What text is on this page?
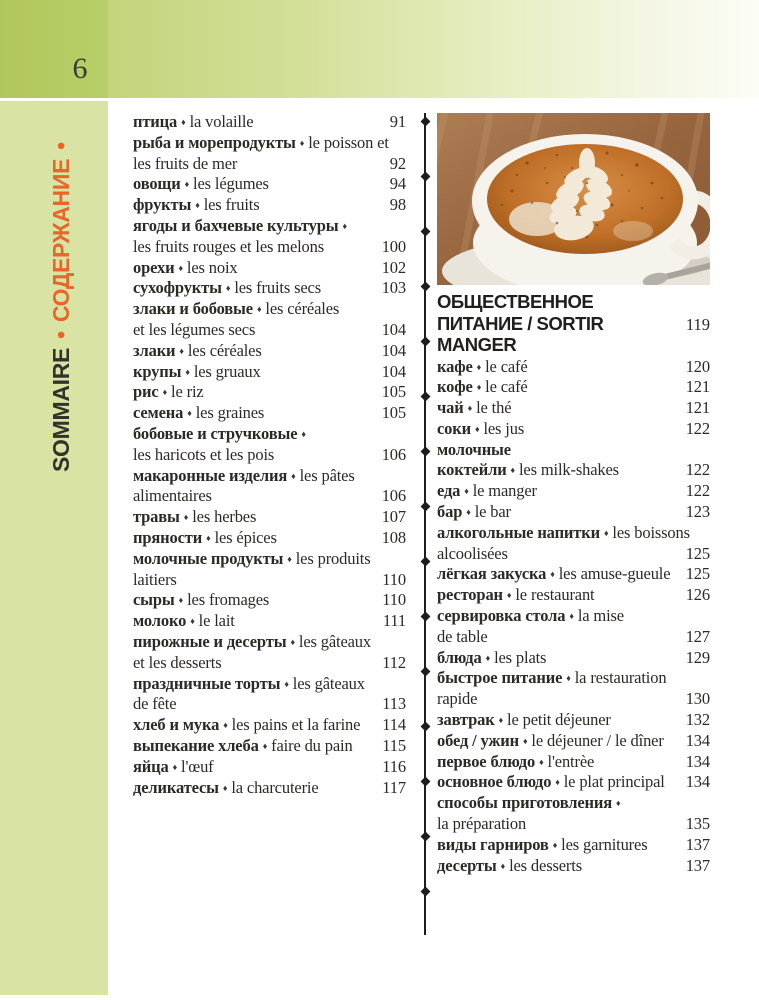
6
SOMMAIRE•СОДЕРЖАНИЕ•
птица ♦ la volaille	91
рыба и морепродукты ♦ le poisson et
les fruits de mer	92
овощи ♦ les légumes	94
фрукты ♦ les fruits	98
ягоды и бахчевые культуры ♦
les fruits rouges et les melons	100
орехи ♦ les noix	102
сухофрукты ♦ les fruits secs	103
злаки и бобовые ♦ les céréales
et les légumes secs	104
злаки ♦ les céréales	104
крупы ♦ les gruaux	104
рис ♦ le riz	105
семена ♦ les graines	105
бобовые и стручковые ♦
les haricots et les pois	106
макаронные изделия ♦ les pâtes
alimentaires	106
травы ♦ les herbes	107
пряности ♦ les épices	108
молочные продукты ♦ les produits
laitiers	110
сыры ♦ les fromages	110
молоко ♦ le lait	111
пирожные и десерты ♦ les gâteaux
et les desserts	112
праздничные торты ♦ les gâteaux
de fête	113
хлеб и мука ♦ les pains et la farine	114
выпекание хлеба ♦ faire du pain	115
яйца ♦ l'œuf	116
деликатесы ♦ la charcuterie	117
ОБЩЕСТВЕННОЕ
ПИТАНИЕ / SORTIR MANGER
119
кафе ♦ le café	120
кофе ♦ le café	121
чай ♦ le thé	121
соки ♦ les jus	122
молочные
коктейли ♦ les milk-shakes	122
еда ♦ le manger	122
бар ♦ le bar	123
алкогольные напитки ♦ les boissons
alcoolisées	125
лёгкая закуска ♦ les amuse-gueule 125
ресторан ♦ le restaurant	126
сервировка стола ♦ la mise
de table	127
блюда ♦ les plats	129
быстрое питание ♦ la restauration
rapide	130
завтрак ♦ le petit déjeuner	132
обед / ужин ♦ le déjeuner / le dîner	134
первое блюдо ♦ l'entrèe	134
основное блюдо ♦ le plat principal	134
способы приготовления ♦
la préparation	135
виды гарниров ♦ les garnitures	137
десерты ♦ les desserts	137
